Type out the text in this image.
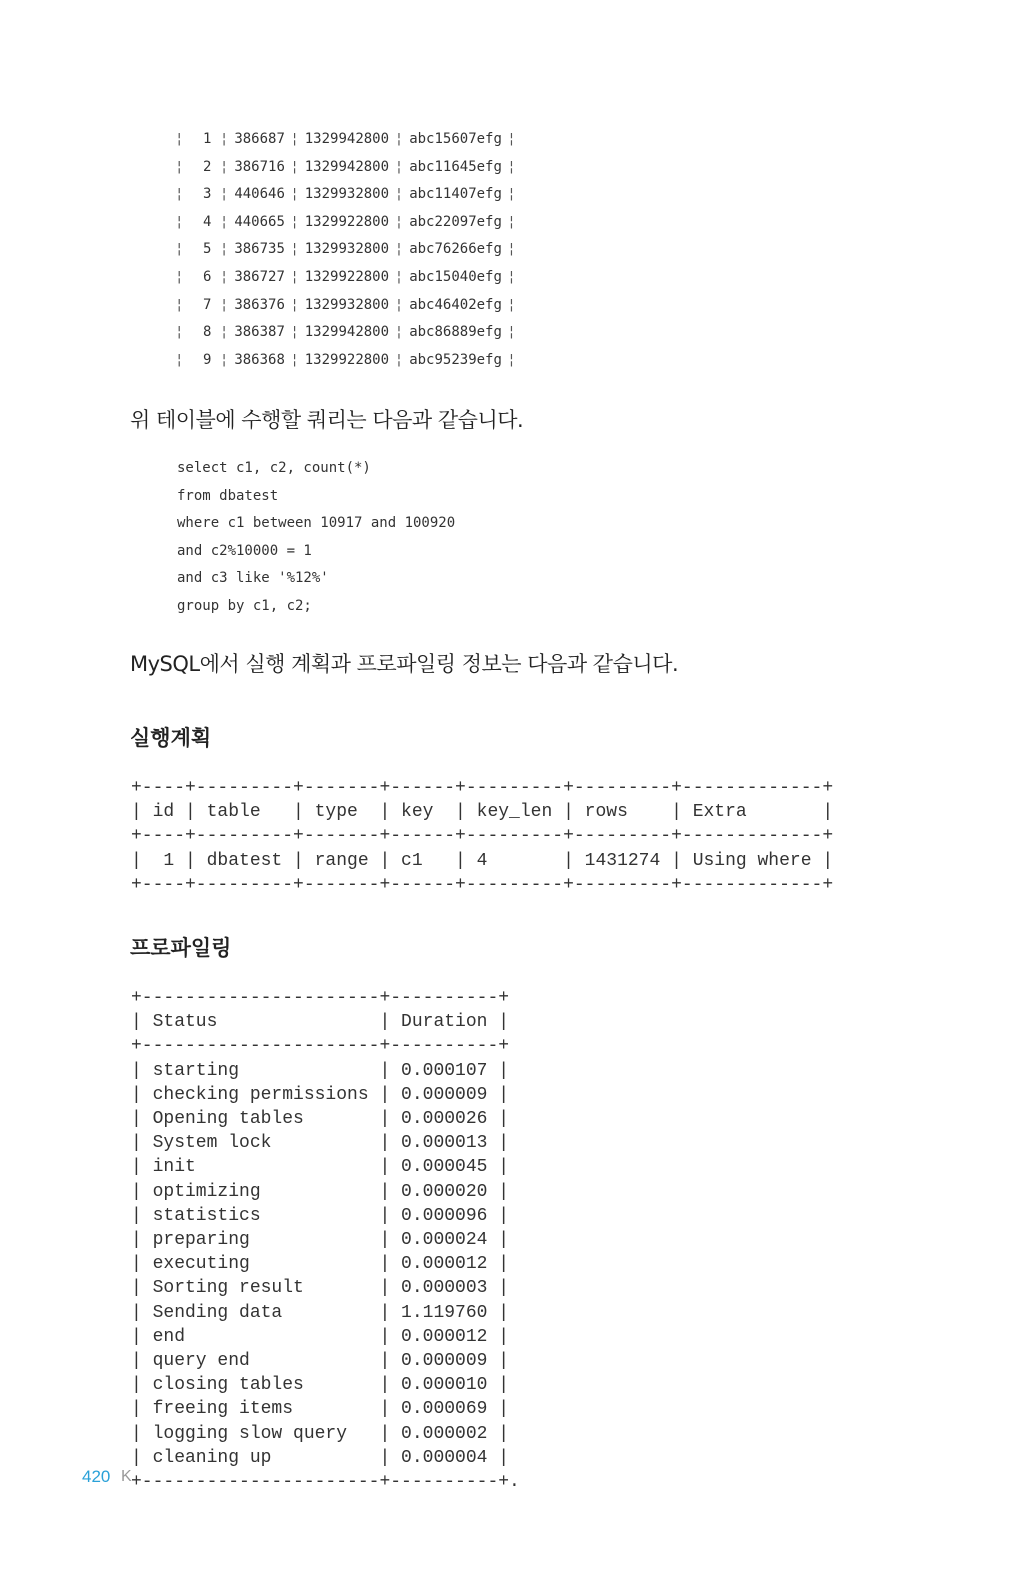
¦ 1 ¦ 386687 ¦ 1329942800 ¦ abc15607efg ¦
¦ 2 ¦ 386716 ¦ 1329942800 ¦ abc11645efg ¦
¦ 3 ¦ 440646 ¦ 1329932800 ¦ abc11407efg ¦
¦ 4 ¦ 440665 ¦ 1329922800 ¦ abc22097efg ¦
¦ 5 ¦ 386735 ¦ 1329932800 ¦ abc76266efg ¦
¦ 6 ¦ 386727 ¦ 1329922800 ¦ abc15040efg ¦
¦ 7 ¦ 386376 ¦ 1329932800 ¦ abc46402efg ¦
¦ 8 ¦ 386387 ¦ 1329942800 ¦ abc86889efg ¦
¦ 9 ¦ 386368 ¦ 1329922800 ¦ abc95239efg ¦
위 테이블에 수행할 쿼리는 다음과 같습니다.
select c1, c2, count(*)
from dbatest
where c1 between 10917 and 100920
and c2%10000 = 1
and c3 like '%12%'
group by c1, c2;
MySQL에서 실행 계획과 프로파일링 정보는 다음과 같습니다.
실행계획
+----+---------+-------+------+---------+---------+-------------+
| id | table   | type  | key  | key_len | rows    | Extra       |
+----+---------+-------+------+---------+---------+-------------+
|  1 | dbatest | range | c1   | 4       | 1431274 | Using where |
+----+---------+-------+------+---------+---------+-------------+
프로파일링
+----------------------+----------+
| Status               | Duration |
+----------------------+----------+
| starting             | 0.000107 |
| checking permissions | 0.000009 |
| Opening tables       | 0.000026 |
| System lock          | 0.000013 |
| init                 | 0.000045 |
| optimizing           | 0.000020 |
| statistics           | 0.000096 |
| preparing            | 0.000024 |
| executing            | 0.000012 |
| Sorting result       | 0.000003 |
| Sending data         | 1.119760 |
| end                  | 0.000012 |
| query end            | 0.000009 |
| closing tables       | 0.000010 |
| freeing items        | 0.000069 |
| logging slow query   | 0.000002 |
| cleaning up          | 0.000004 |
+----------------------+----------+.
420 K
